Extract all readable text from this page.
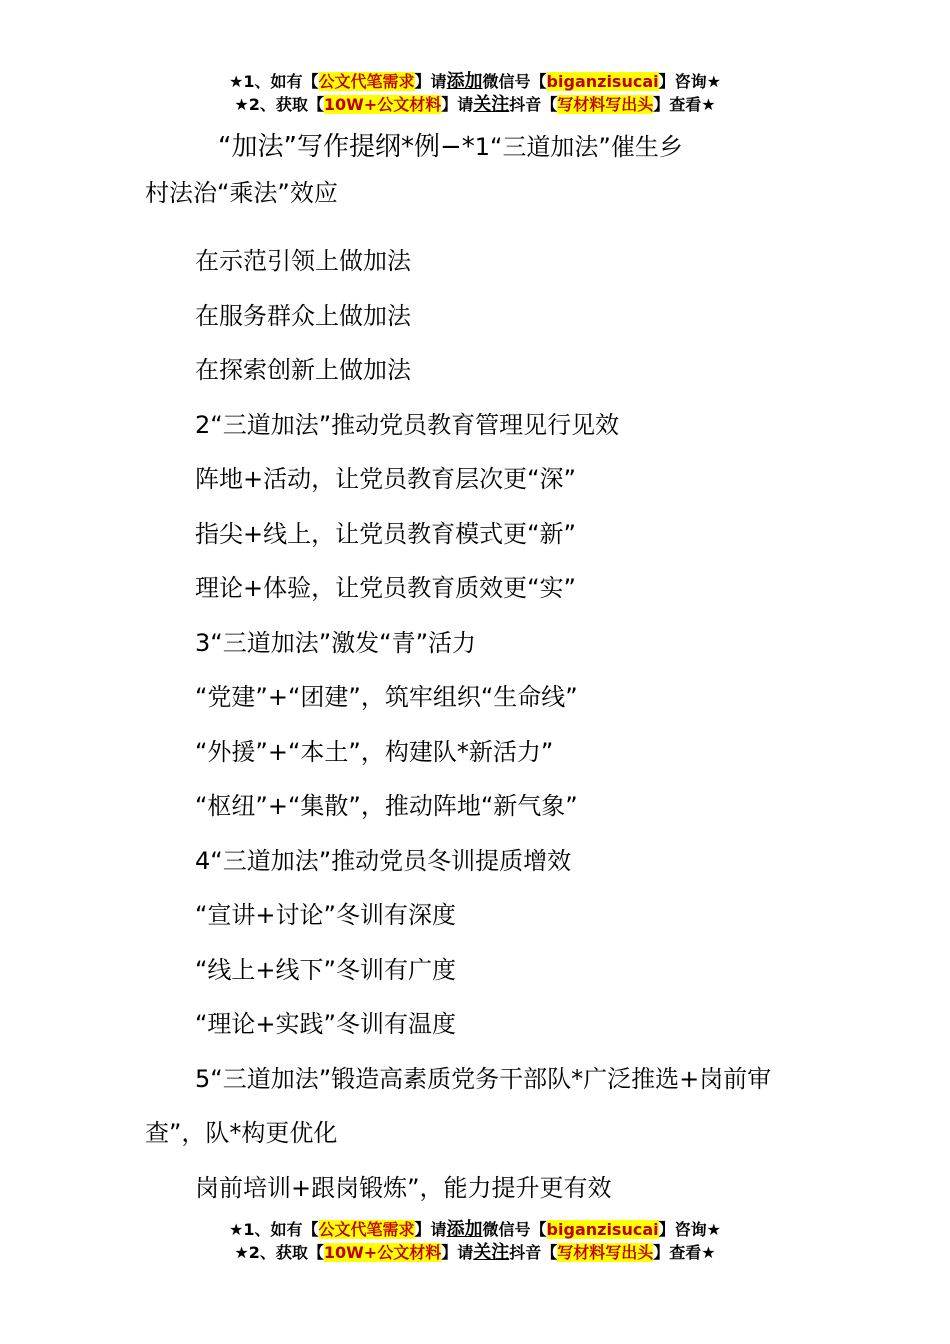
★1、如有【公文代笔需求】请添加微信号【biganzisucai】咨询★
★2、获取【10W+公文材料】请关注抖音【写材料写出头】查看★

“加法”写作提纲*例−*1“三道加法”催生乡
村法治“乘法”效应

在示范引领上做加法

在服务群众上做加法

在探索创新上做加法

2“三道加法”推动党员教育管理见行见效

阵地+活动，让党员教育层次更“深”

指尖+线上，让党员教育模式更“新”

理论+体验，让党员教育质效更“实”

3“三道加法”激发“青”活力

“党建”+“团建”，筑牢组织“生命线”

“外援”+“本土”，构建队*新活力”

“枢纽”+“集散”，推动阵地“新气象”

4“三道加法”推动党员冬训提质增效

“宣讲+讨论”冬训有深度

“线上+线下”冬训有广度

“理论+实践”冬训有温度

5“三道加法”锻造高素质党务干部队*广泛推选+岗前审查”，队*构更优化

岗前培训+跟岗锻炼”，能力提升更有效

★1、如有【公文代笔需求】请添加微信号【biganzisucai】咨询★
★2、获取【10W+公文材料】请关注抖音【写材料写出头】查看★
